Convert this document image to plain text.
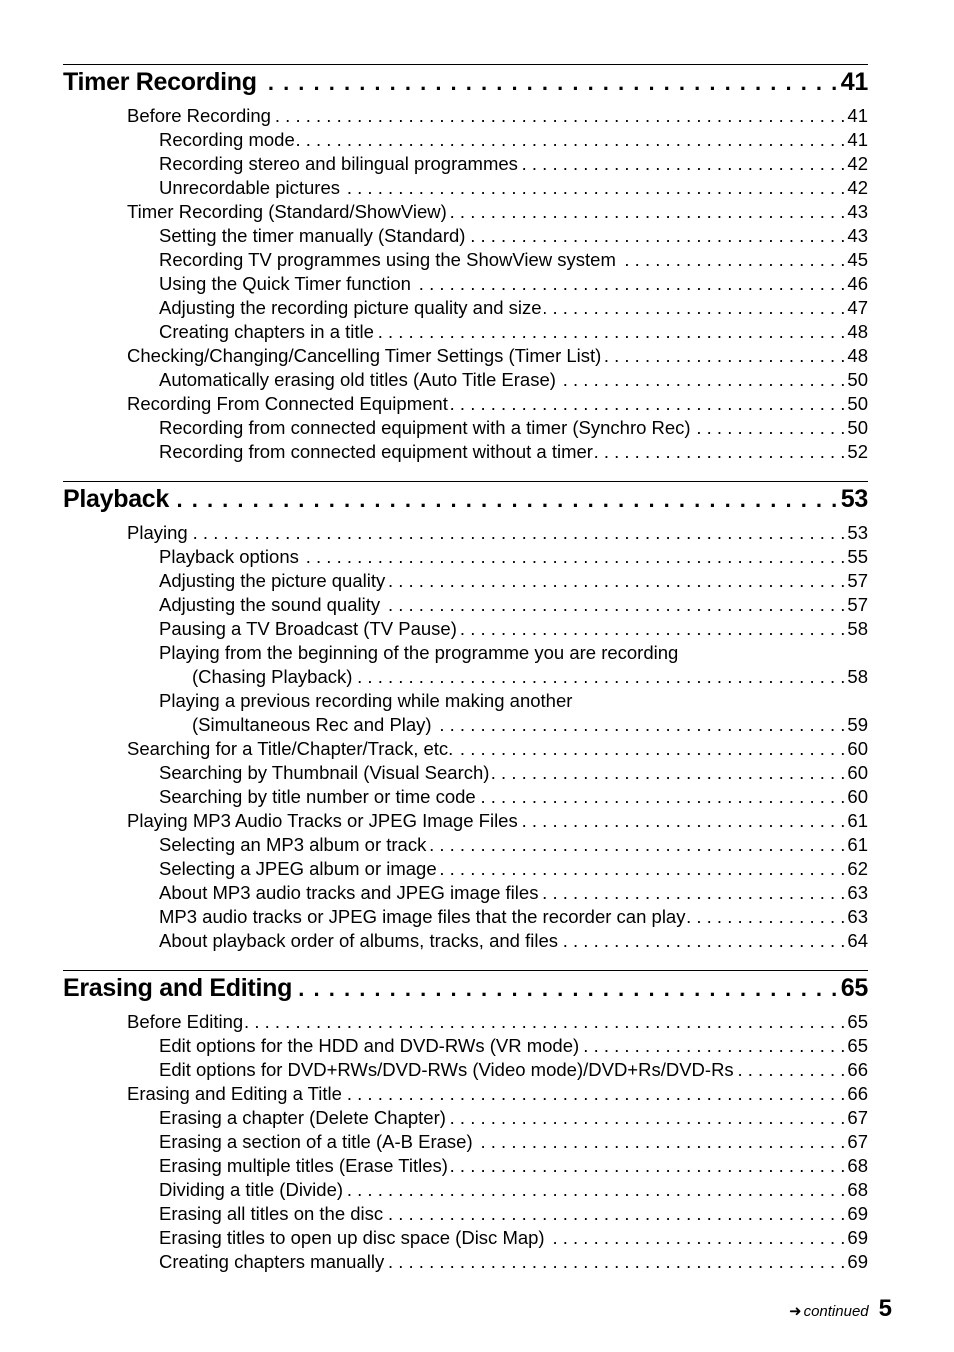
Timer Recording . . .	41
Before Recording . . .	41
Recording mode . . .	41
Recording stereo and bilingual programmes . . .	42
Unrecordable pictures . . .	42
Timer Recording (Standard/ShowView) . . .	43
Setting the timer manually (Standard) . . .	43
Recording TV programmes using the ShowView system . . .	45
Using the Quick Timer function . . .	46
Adjusting the recording picture quality and size . . .	47
Creating chapters in a title . . .	48
Checking/Changing/Cancelling Timer Settings (Timer List) . . .	48
Automatically erasing old titles (Auto Title Erase) . . .	50
Recording From Connected Equipment . . .	50
Recording from connected equipment with a timer (Synchro Rec) . . .	50
Recording from connected equipment without a timer . . .	52
Playback . . .	53
Playing . . .	53
Playback options . . .	55
Adjusting the picture quality . . .	57
Adjusting the sound quality . . .	57
Pausing a TV Broadcast (TV Pause) . . .	58
Playing from the beginning of the programme you are recording
(Chasing Playback) . . .	58
Playing a previous recording while making another
(Simultaneous Rec and Play) . . .	59
Searching for a Title/Chapter/Track, etc. . . .	60
Searching by Thumbnail (Visual Search) . . .	60
Searching by title number or time code . . .	60
Playing MP3 Audio Tracks or JPEG Image Files . . .	61
Selecting an MP3 album or track . . .	61
Selecting a JPEG album or image . . .	62
About MP3 audio tracks and JPEG image files . . .	63
MP3 audio tracks or JPEG image files that the recorder can play . . .	63
About playback order of albums, tracks, and files . . .	64
Erasing and Editing . . .	65
Before Editing . . .	65
Edit options for the HDD and DVD-RWs (VR mode) . . .	65
Edit options for DVD+RWs/DVD-RWs (Video mode)/DVD+Rs/DVD-Rs . . .	66
Erasing and Editing a Title . . .	66
Erasing a chapter (Delete Chapter) . . .	67
Erasing a section of a title (A-B Erase) . . .	67
Erasing multiple titles (Erase Titles) . . .	68
Dividing a title (Divide) . . .	68
Erasing all titles on the disc . . .	69
Erasing titles to open up disc space (Disc Map) . . .	69
Creating chapters manually . . .	69
➜ continued 5
